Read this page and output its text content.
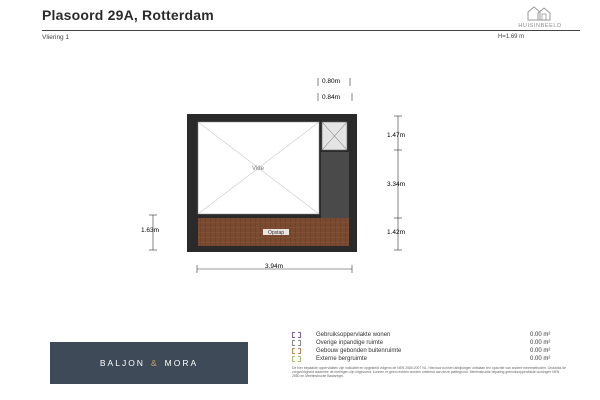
Plasoord 29A, Rotterdam
Vliering 1	H=1.69 m
HUISINBEELD
Vide
Opstap
0.80m
0.84m
1.47m
3.34m
1.42m
1.63m
3.94m
BALJON & MORA
Gebruiksoppervlakte wonen	0.00 m²
Overige inpandige ruimte	0.00 m²
Gebouw gebonden buitenruimte	0.00 m²
Externe bergruimte	0.00 m²
De hier bepaalde oppervlakten zijn indicatief en opgesteld volgens de NEN 2580:2007 NL. Hierdoor kunnen afwijkingen ontstaan ten opzichte van andere meetmethoden. Ondanks de zorgvuldigheid waarmee de metingen zijn uitgevoerd, kunnen er geen rechten worden ontleend aan deze plattegrond. Meetinstructie bepaling gebruiksoppervlakte woningen NEN 2580 en Meetinstructie Basisregel.
